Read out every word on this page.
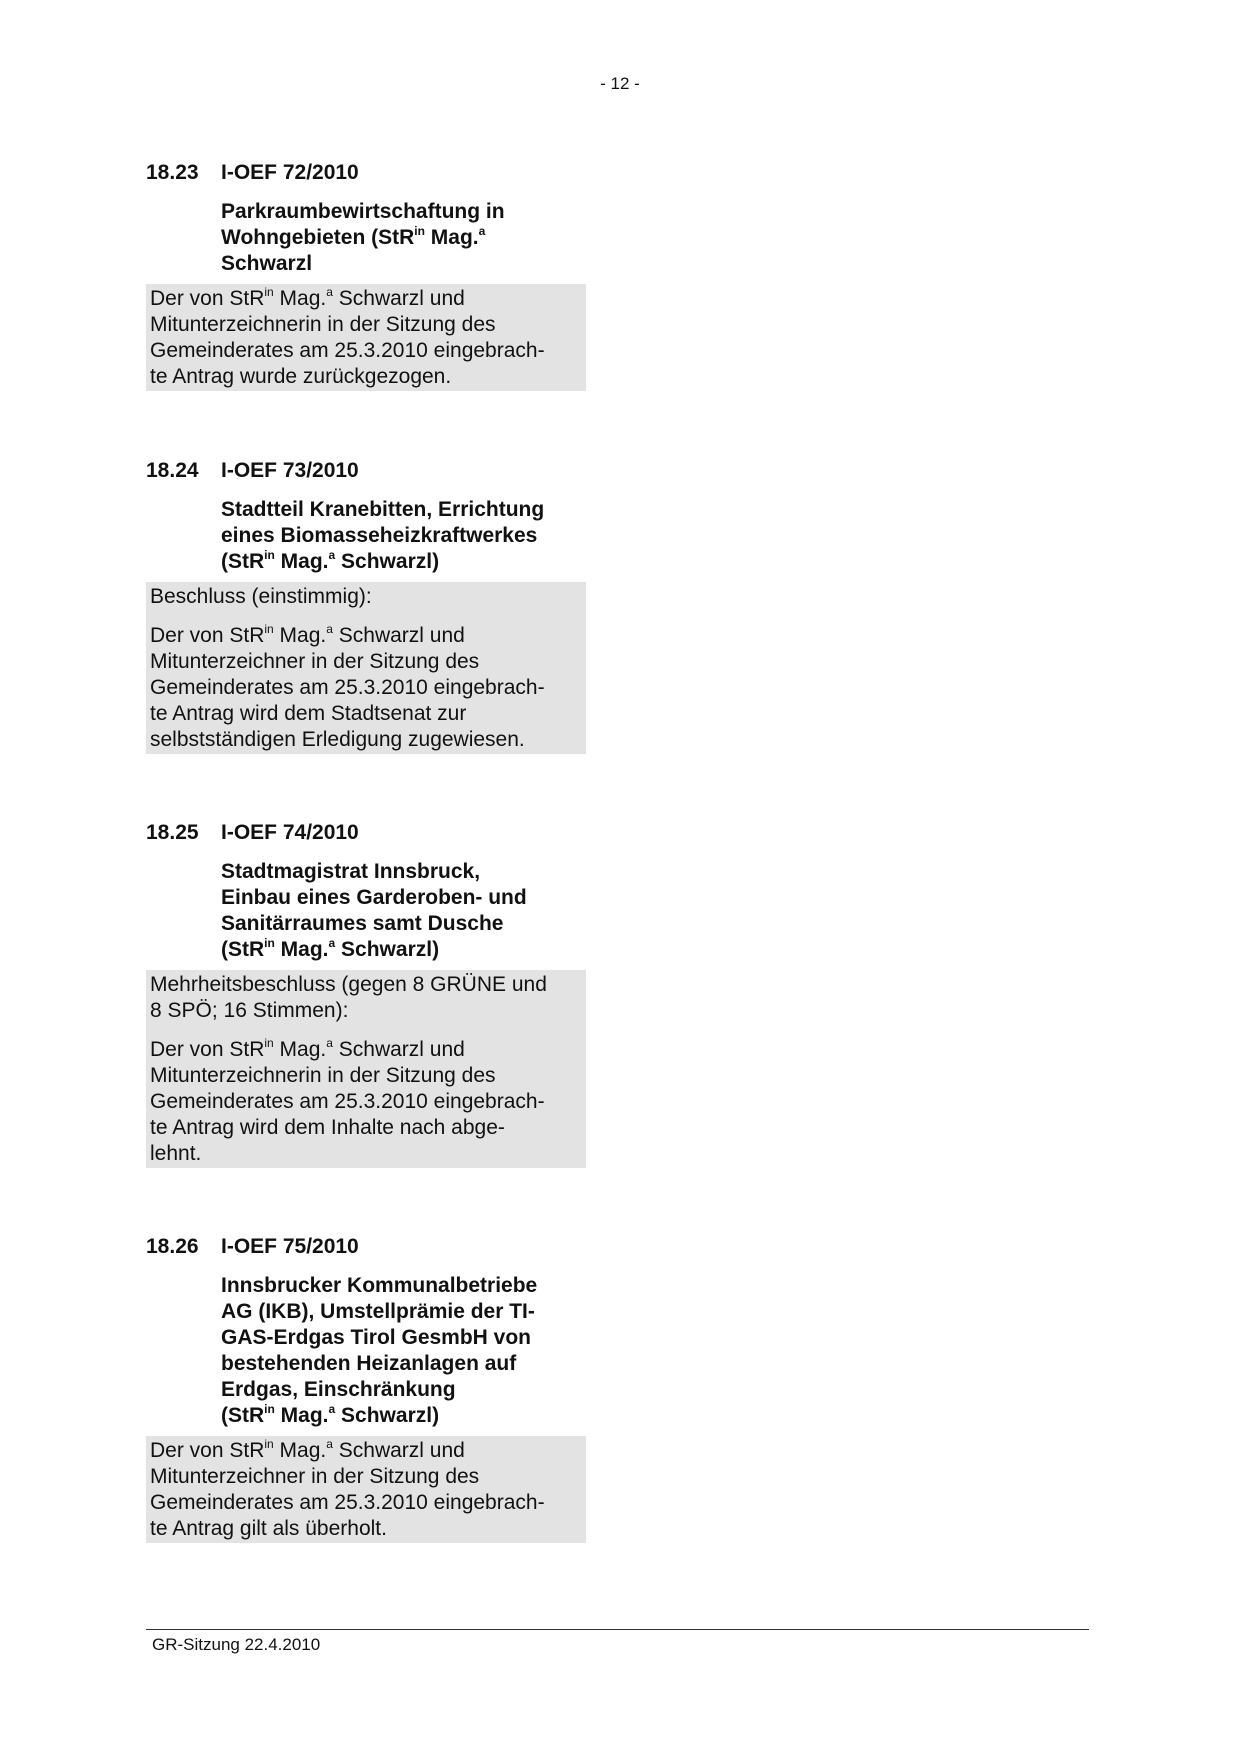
- 12 -
18.23 I-OEF 72/2010
Parkraumbewirtschaftung in
Wohngebieten (StR$^{in}$ Mag.$^a$
Schwarzl
Der von StR$^{in}$ Mag.$^a$ Schwarzl und
Mitunterzeichnerin in der Sitzung des
Gemeinderates am 25.3.2010 eingebrach-
te Antrag wurde zurückgezogen.
18.24 I-OEF 73/2010
Stadtteil Kranebitten, Errichtung
eines Biomasseheizkraftwerkes
(StR$^{in}$ Mag.$^a$ Schwarzl)
Beschluss (einstimmig):
Der von StR$^{in}$ Mag.$^a$ Schwarzl und
Mitunterzeichner in der Sitzung des
Gemeinderates am 25.3.2010 eingebrach-
te Antrag wird dem Stadtsenat zur
selbstständigen Erledigung zugewiesen.
18.25 I-OEF 74/2010
Stadtmagistrat Innsbruck,
Einbau eines Garderoben- und
Sanitärraumes samt Dusche
(StR$^{in}$ Mag.$^a$ Schwarzl)
Mehrheitsbeschluss (gegen 8 GRÜNE und
8 SPÖ; 16 Stimmen):
Der von StR$^{in}$ Mag.$^a$ Schwarzl und
Mitunterzeichnerin in der Sitzung des
Gemeinderates am 25.3.2010 eingebrach-
te Antrag wird dem Inhalte nach abge-
lehnt.
18.26 I-OEF 75/2010
Innsbrucker Kommunalbetriebe
AG (IKB), Umstellprämie der TI-
GAS-Erdgas Tirol GesmbH von
bestehenden Heizanlagen auf
Erdgas, Einschränkung
(StR$^{in}$ Mag.$^a$ Schwarzl)
Der von StR$^{in}$ Mag.$^a$ Schwarzl und
Mitunterzeichner in der Sitzung des
Gemeinderates am 25.3.2010 eingebrach-
te Antrag gilt als überholt.
GR-Sitzung 22.4.2010
